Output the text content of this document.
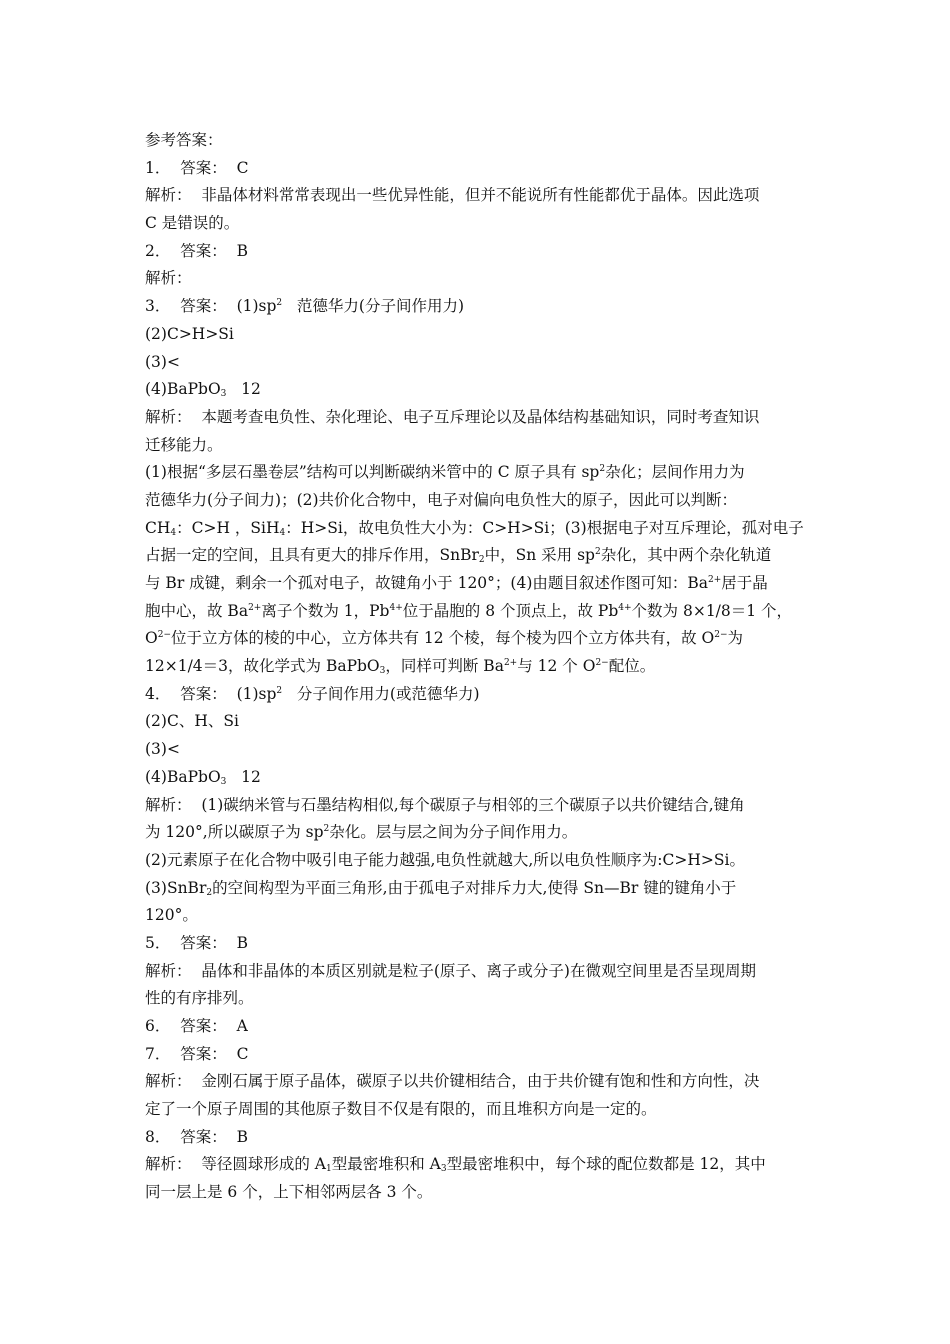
参考答案：
1．  答案：  C
解析：  非晶体材料常常表现出一些优异性能，但并不能说所有性能都优于晶体。因此选项
C 是错误的。
2．  答案：  B
解析：
3．  答案：  $(1)sp^2$   范德华力(分子间作用力)
(2)C>H>Si
(3)<
(4)BaPbO$_3$   12
解析：  本题考查电负性、杂化理论、电子互斥理论以及晶体结构基础知识，同时考查知识
迁移能力。
(1)根据“多层石墨卷层”结构可以判断碳纳米管中的 C 原子具有 $sp^2$杂化；层间作用力为
范德华力(分子间力)；(2)共价化合物中，电子对偏向电负性大的原子，因此可以判断：
$CH_4$：C>H ，SiH$_4$：H>Si，故电负性大小为：C>H>Si；(3)根据电子对互斥理论，孤对电子
占据一定的空间，且具有更大的排斥作用，SnBr$_2$中，Sn 采用 $sp^2$杂化，其中两个杂化轨道
与 Br 成键，剩余一个孤对电子，故键角小于 120°；(4)由题目叙述作图可知：$Ba^{2+}$居于晶
胞中心，故 $Ba^{2+}$离子个数为 1，$Pb^{4+}$位于晶胞的 8 个顶点上，故 $Pb^{4+}$个数为 8×1/8＝1 个，
$O^{2-}$位于立方体的棱的中心，立方体共有 12 个棱，每个棱为四个立方体共有，故 $O^{2-}$为
12×1/4＝3，故化学式为 BaPbO$_3$，同样可判断 $Ba^{2+}$与 12 个 $O^{2-}$配位。
4．  答案：  $(1)sp^2$   分子间作用力(或范德华力)
(2)C、H、Si
(3)<
(4)BaPbO$_3$   12
解析：  (1)碳纳米管与石墨结构相似,每个碳原子与相邻的三个碳原子以共价键结合,键角
为 120°,所以碳原子为 $sp^2$杂化。层与层之间为分子间作用力。
(2)元素原子在化合物中吸引电子能力越强,电负性就越大,所以电负性顺序为:C>H>Si。
(3)SnBr$_2$的空间构型为平面三角形,由于孤电子对排斥力大,使得 Sn—Br 键的键角小于
120°。
5．  答案：  B
解析：  晶体和非晶体的本质区别就是粒子(原子、离子或分子)在微观空间里是否呈现周期
性的有序排列。
6．  答案：  A
7．  答案：  C
解析：  金刚石属于原子晶体，碳原子以共价键相结合，由于共价键有饱和性和方向性，决
定了一个原子周围的其他原子数目不仅是有限的，而且堆积方向是一定的。
8．  答案：  B
解析：  等径圆球形成的 $A_1$型最密堆积和 $A_3$型最密堆积中，每个球的配位数都是 12，其中
同一层上是 6 个，上下相邻两层各 3 个。
